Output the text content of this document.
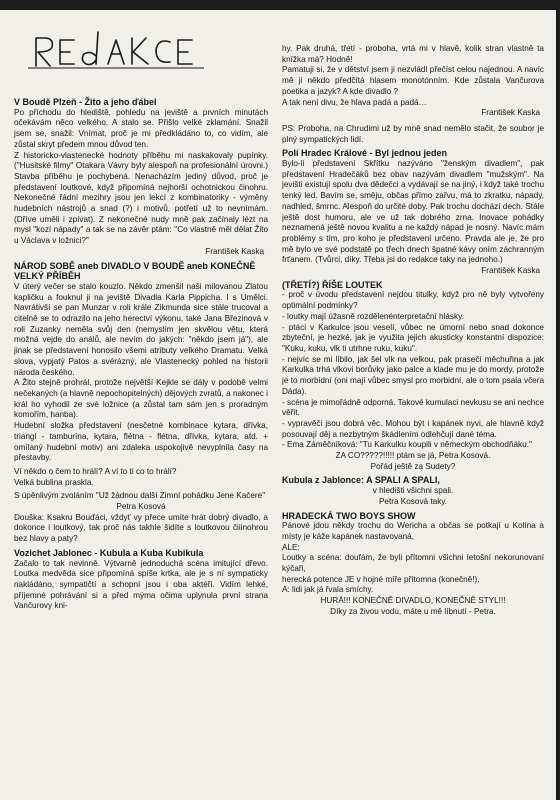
V Boudě Plzeň - Žito a jeho ďábel

Po příchodu do hlediště, pohledu na jeviště a prvních minutách očekávám něco velkého. A stalo se. Přišlo velké zklamání. Snažil jsem se, snažil: Vnímat, proč je mi předkládáno to, co vidím, ale zůstal skryt předem mnou důvod ten.

Z historicko-vlastenecké hodnoty příběhu mi naskakovaly pupínky. ("Husitské filmy" Otakara Vávry byly alespoň na profesionální úrovni.) Stavba příběhu je pochybená. Nenacházím jediný důvod, proč je představení loutkové, když připomíná nejhorší ochotnickou činohru. Nekonečné řádní mezihry jsou jen lekcí z kombinatoriky - výměny hudebních nástrojů a snad (?) i motivů, potřetí už to nevnímám. (Dříve uměli i zpívat). Z nekonečné nudy mně pak začínaly lézt na mysl "kozí nápady" a tak se na závěr ptám: "Co vlastně měl dělat Žito u Václava v ložnici?"

František Kaska

NÁROD SOBĚ aneb DIVADLO V BOUDĚ aneb KONEČNĚ VELKÝ PŘÍBĚH

V úterý večer se stalo kouzlo. Někdo zmenšil naši milovanou Zlatou kapličku a fouknul ji na jeviště Divadla Karla Pippicha. I s Umělci. Navrátivší se pan Munzar v roli krále Zikmunda sice stále trucoval a citelně se to odrazilo na jeho herectví výkonu, také Jana Březinová v roli Zuzanky neměla svůj den (nemyslím jen skvělou větu, která možná vejde do análů, ale nevím do jakých: "někdo jsem já"), ale jinak se představení honosilo všemi atributy velkého Dramatu. Velká slova, vypjatý Patos a svérázný, ale Vlastenecký pohled na historii národa českého.

A Žito stejně prohrál, protože největší Kejkle se dály v podobě velmi nečekaných (a hlavně nepochopitelných) dějových zvratů, a nakonec i král ho vyhodil ze své ložnice (a zůstal tam sám jen s proradným komořím, hanba).

Hudební složka představení (nesčetné kombinace kytara, dřívka, triangl - tamburína, kytara, flétna - flétna, dřívka, kytara, atd. + omílaný hudební motiv) ani zdaleka uspokojivě nevyplnila časy na přestavby.

Ví někdo o čem to hrálí? A ví to ti co to hrálí?

Velká bublina praskla.

S úpěnlivým zvoláním "Už žádnou další Zimní pohádku Jene Kačere"

Petra Kosová

Douška: Ksakru Bouďáci, vždyť vy přece umíte hrát dobrý divadlo, a dokonce i loutkový, tak proč nás takhle šidíte s loutkovou čiiinohrou bez hlavy a paty?

Vozichet Jablonec - Kubula a Kuba Kubikula

Začalo to tak nevinně. Výtvarně jednoduchá scéna imitující dřevo. Loutka medvěda sice připomíná spíše krtka, ale je s ní sympaticky nakládáno, sympatičtí a schopní jsou i oba aktéři. Vidím lehké, příjemné pohrávání si a před mýma očima uplynula první strana Vančurovy kni-

hy. Pak druhá, třetí - proboha, vrtá mi v hlavě, kolik stran vlastně ta knížka má? Hodně!

Pamatuji si, že v dětství jsem ji nezvládl přečíst celou najednou. A navíc mě ji někdo předčítá hlasem monotónním. Kde zůstala Vančurova poetika a jazyk? A kde divadlo ?

A tak není divu, že hlava padá a padá…

František Kaska

PS: Proboha, na Chrudimi už by mně snad nemělo stačit, že soubor je plný sympatických lidí.

Polí Hradec Králové - Byl jednou jeden

Bylo-li představení Skřítku nazýváno "ženským divadlem", pak představení Hradečáků bez obav nazývám divadlem "mužským". Na jevišti existují spolu dva dědečci a vydávají se na jiný, i když také trochu tenký led. Bavím se, směju, občas přímo zařvu, má to zkratku, nápady, nadhled, šmrnc. Alespoň do určité doby. Pak trochu dochází dech. Stále ještě dost humoru, ale ve už tak dobrého zrna. Inovace pohádky neznamená ještě novou kvalitu a ne každý nápad je nosný. Navíc mám problémy s tím, pro koho je představení určeno. Pravda ale je, že pro mě bylo ve své podstatě po třech dnech špatné kávy oním záchranným frťanem. (Tvůrci, díky. Třeba jsi do redakce taky na jednoho.)

František Kaska

(TŘETÍ?) ŘÍŠE LOUTEK

- proč v úvodu představení nejdou titulky, když pro ně byly vytvořeny optimální podmínky?

- loutky mají úžasně rozdělenénterpretační hlásky.

- ptáci v Karkulce jsou veselí, vůbec ne úmorní nebo snad dokonce zbyteční, je hezké, jak je využita jejich akusticky konstantní dispozice: "Kuku, kuku, vlk ti utrhne ruku, kuku".

- nejvíc se mi líbilo, jak šel vlk na velkou, pak prasečí měchuřina a jak Karkulka trhá vlkovi borůvky jako palce a klade mu je do mordy, protože je to morbidní (oni mají vůbec smysl pro morbidní, ale o tom psala včera Dáda).

- scéna je mimořádně odporná. Takové kumulaci nevkusu se ani nechce věřit.

- vypravěči jsou dobrá věc. Mohou být i kapánek nyvi, ale hlavně když posouvají děj a nezbytným škádlením odlehčují dané téma.

- Ema Záměčníková: "Tu Karkulku koupili v německým obchodňáku."

ZA CO?????!!!!! ptám se já, Petra Kosová.

Pořád ještě za Sudety?

Kubula z Jablonce: A SPALI A SPALI,

v hledišti všichni spali.

Petra Kosová taky.

HRADECKÁ TWO BOYS SHOW

Pánové jdou někdy trochu do Wericha a občas se potkají u Kolína a místy je káže kapánek nastavovaná,

ALE:

Loutky a scéna: doufám, že byli přítomni všichni letošní nekorunovaní kýčaři,

herecká potence JE v hojné míře přítomna (konečně!),

A: lidi jak já řvala smíchy.

HURÁ!!! KONEČNĚ DIVADLO, KONEČNĚ STYL!!!

Díky za živou vodu, máte u mě líbnutí - Petra.
